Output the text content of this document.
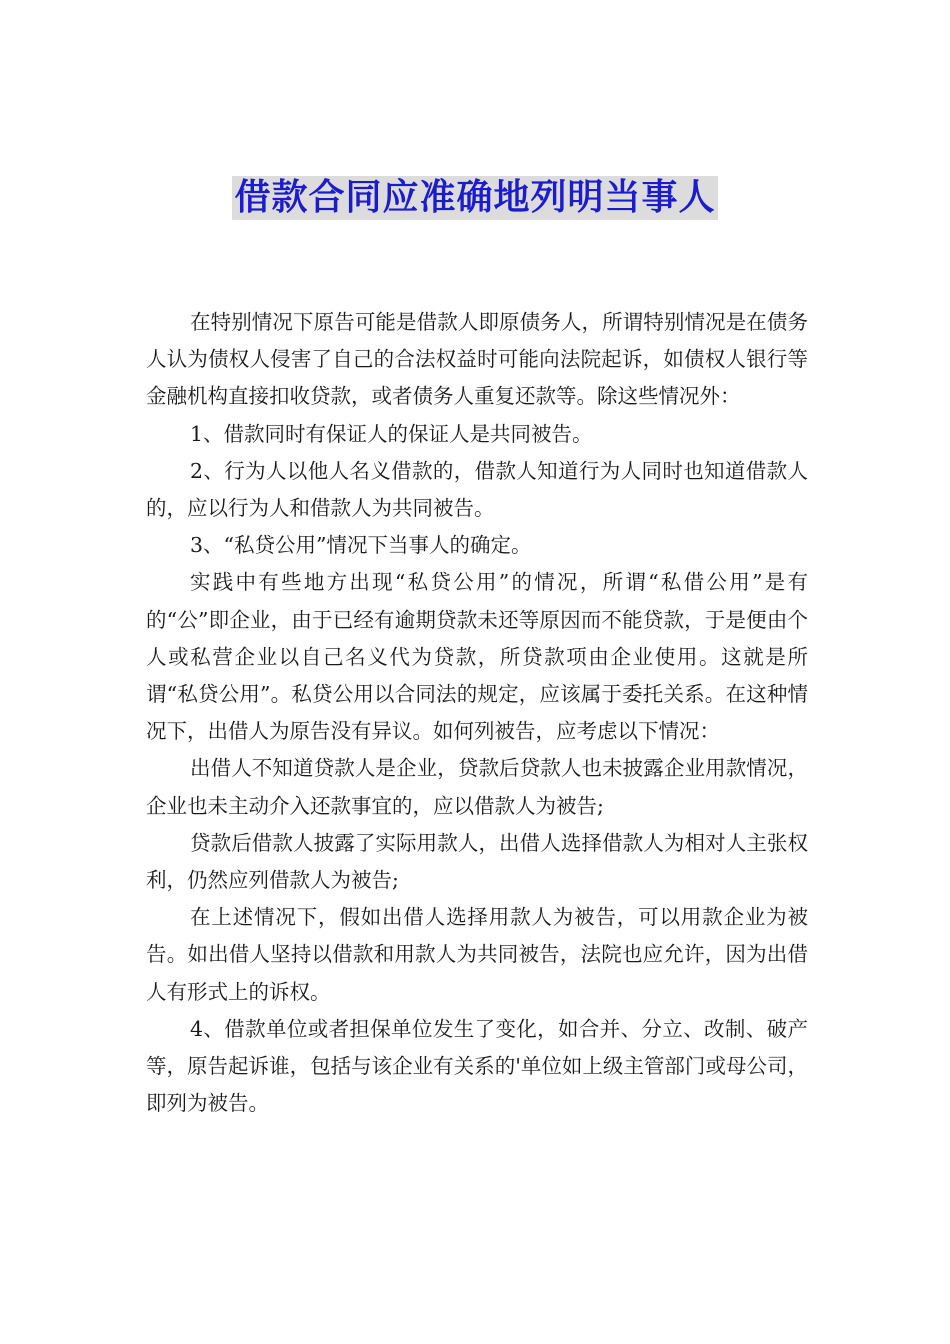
借款合同应准确地列明当事人

在特别情况下原告可能是借款人即原债务人，所谓特别情况是在债务人认为债权人侵害了自己的合法权益时可能向法院起诉，如债权人银行等金融机构直接扣收贷款，或者债务人重复还款等。除这些情况外：

1、借款同时有保证人的保证人是共同被告。

2、行为人以他人名义借款的，借款人知道行为人同时也知道借款人的，应以行为人和借款人为共同被告。

3、“私贷公用”情况下当事人的确定。

实践中有些地方出现“私贷公用”的情况，所谓“私借公用”是有的“公”即企业，由于已经有逾期贷款未还等原因而不能贷款，于是便由个人或私营企业以自己名义代为贷款，所贷款项由企业使用。这就是所谓“私贷公用”。私贷公用以合同法的规定，应该属于委托关系。在这种情况下，出借人为原告没有异议。如何列被告，应考虑以下情况：

出借人不知道贷款人是企业，贷款后贷款人也未披露企业用款情况，企业也未主动介入还款事宜的，应以借款人为被告;

贷款后借款人披露了实际用款人，出借人选择借款人为相对人主张权利，仍然应列借款人为被告;

在上述情况下，假如出借人选择用款人为被告，可以用款企业为被告。如出借人坚持以借款和用款人为共同被告，法院也应允许，因为出借人有形式上的诉权。

4、借款单位或者担保单位发生了变化，如合并、分立、改制、破产等，原告起诉谁，包括与该企业有关系的'单位如上级主管部门或母公司，即列为被告。
